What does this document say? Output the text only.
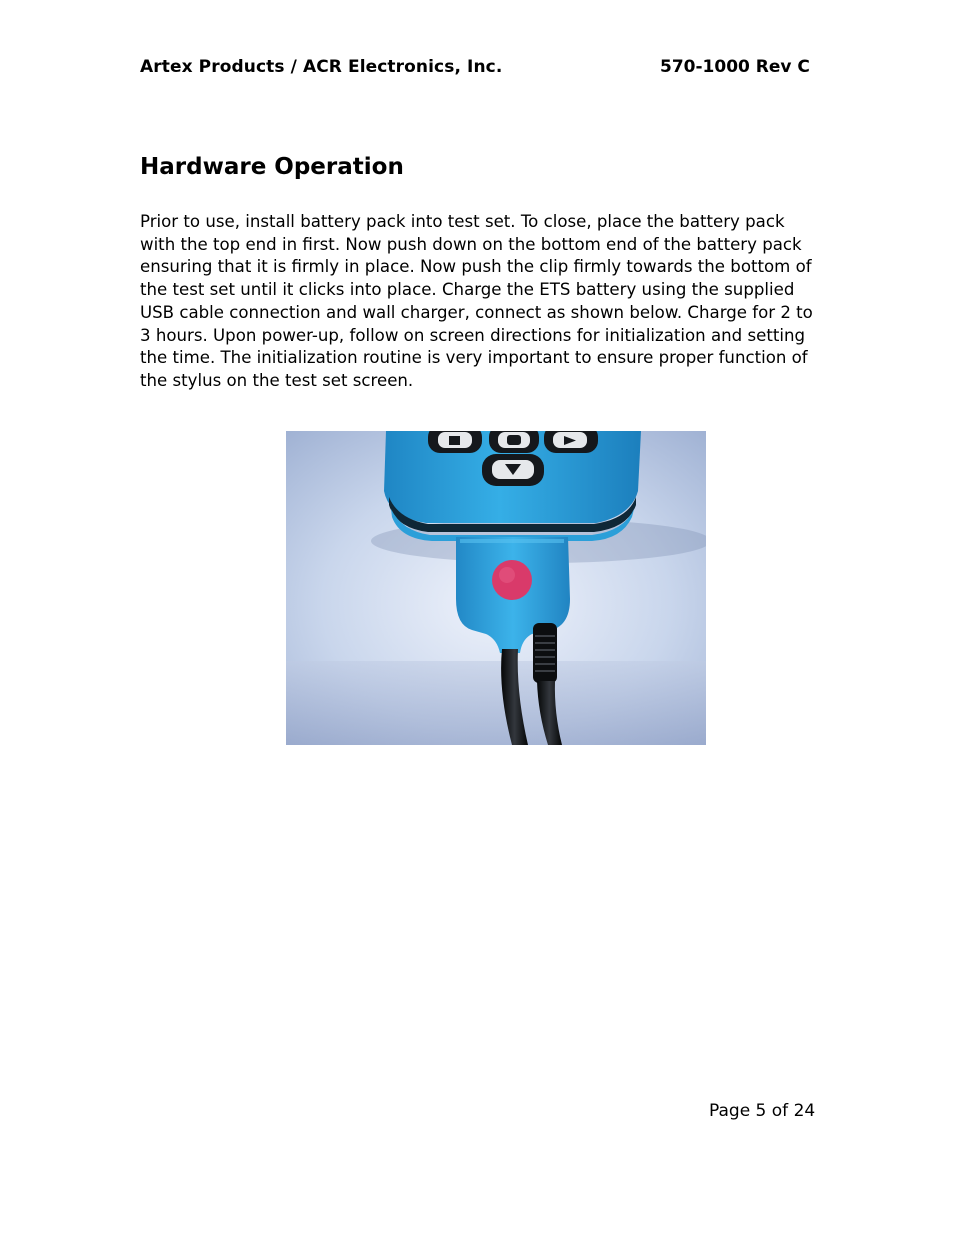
Artex Products / ACR Electronics, Inc.	570-1000 Rev C
Hardware Operation

Prior to use, install battery pack into test set. To close, place the battery pack with the top end in first. Now push down on the bottom end of the battery pack ensuring that it is firmly in place. Now push the clip firmly towards the bottom of the test set until it clicks into place. Charge the ETS battery using the supplied USB cable connection and wall charger, connect as shown below. Charge for 2 to 3 hours. Upon power-up, follow on screen directions for initialization and setting the time. The initialization routine is very important to ensure proper function of the stylus on the test set screen.

Page 5 of 24
